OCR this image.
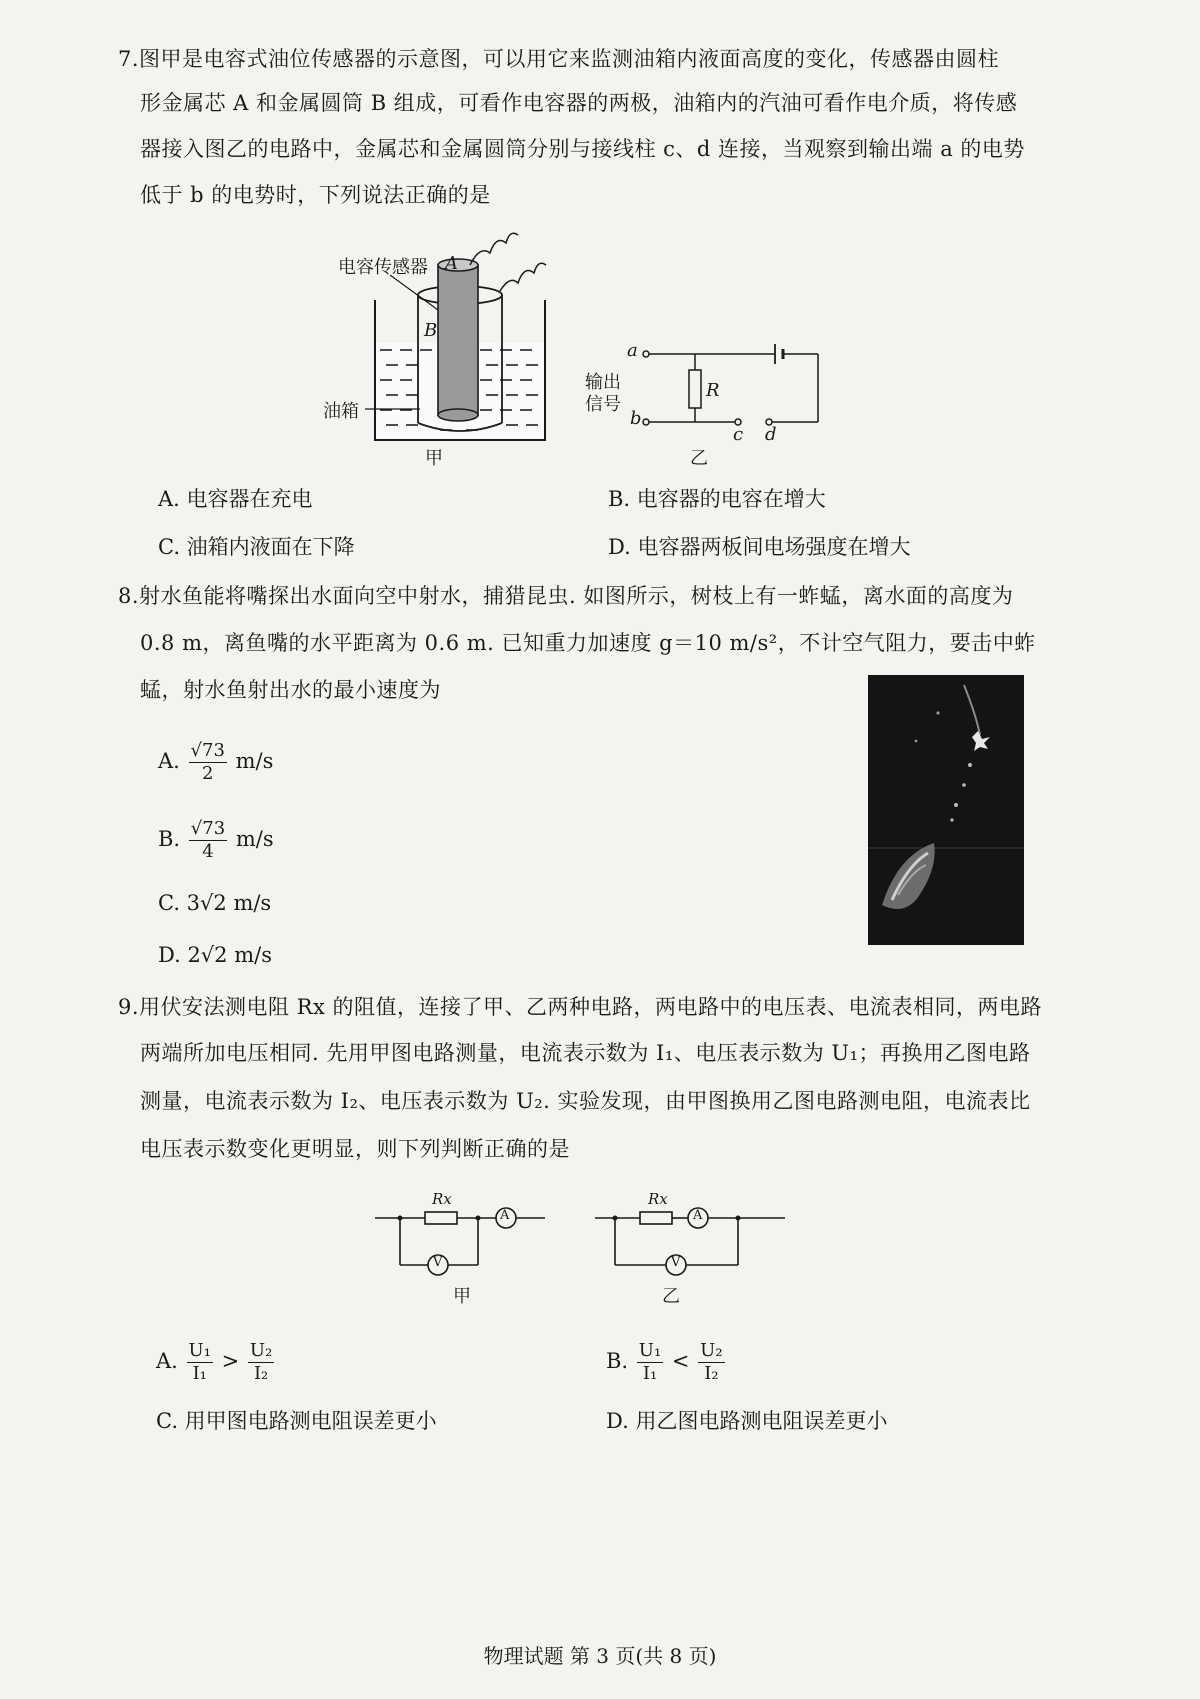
7.图甲是电容式油位传感器的示意图，可以用它来监测油箱内液面高度的变化，传感器由圆柱
形金属芯 A 和金属圆筒 B 组成，可看作电容器的两极，油箱内的汽油可看作电介质，将传感
器接入图乙的电路中，金属芯和金属圆筒分别与接线柱 c、d 连接，当观察到输出端 a 的电势
低于 b 的电势时，下列说法正确的是
电容传感器 A
B
油箱
甲
a
b
c d
R
输出
信号
乙
A. 电容器在充电	B. 电容器的电容在增大
C. 油箱内液面在下降	D. 电容器两板间电场强度在增大
8.射水鱼能将嘴探出水面向空中射水，捕猎昆虫. 如图所示，树枝上有一蚱蜢，离水面的高度为
0.8 m，离鱼嘴的水平距离为 0.6 m. 已知重力加速度 g＝10 m/s²，不计空气阻力，要击中蚱
蜢，射水鱼射出水的最小速度为
A. $\frac{√73}{2} m/s$
B. $\frac{√73}{4} m/s$
C. 3√2 m/s
D. 2√2 m/s
9.用伏安法测电阻 Rx 的阻值，连接了甲、乙两种电路，两电路中的电压表、电流表相同，两电路
两端所加电压相同. 先用甲图电路测量，电流表示数为 I₁、电压表示数为 U₁；再换用乙图电路
测量，电流表示数为 I₂、电压表示数为 U₂. 实验发现，由甲图换用乙图电路测电阻，电流表比
电压表示数变化更明显，则下列判断正确的是
Rx
A
V
甲
Rx
A
V
乙
A. $\frac{\text{U₁}}{\text{I₁}} > \frac{\text{U₂}}{\text{I₂}}$	B. $\frac{\text{U₁}}{\text{I₁}} < \frac{\text{U₂}}{\text{I₂}}$
C. 用甲图电路测电阻误差更小	D. 用乙图电路测电阻误差更小
物理试题 第 3 页(共 8 页)
